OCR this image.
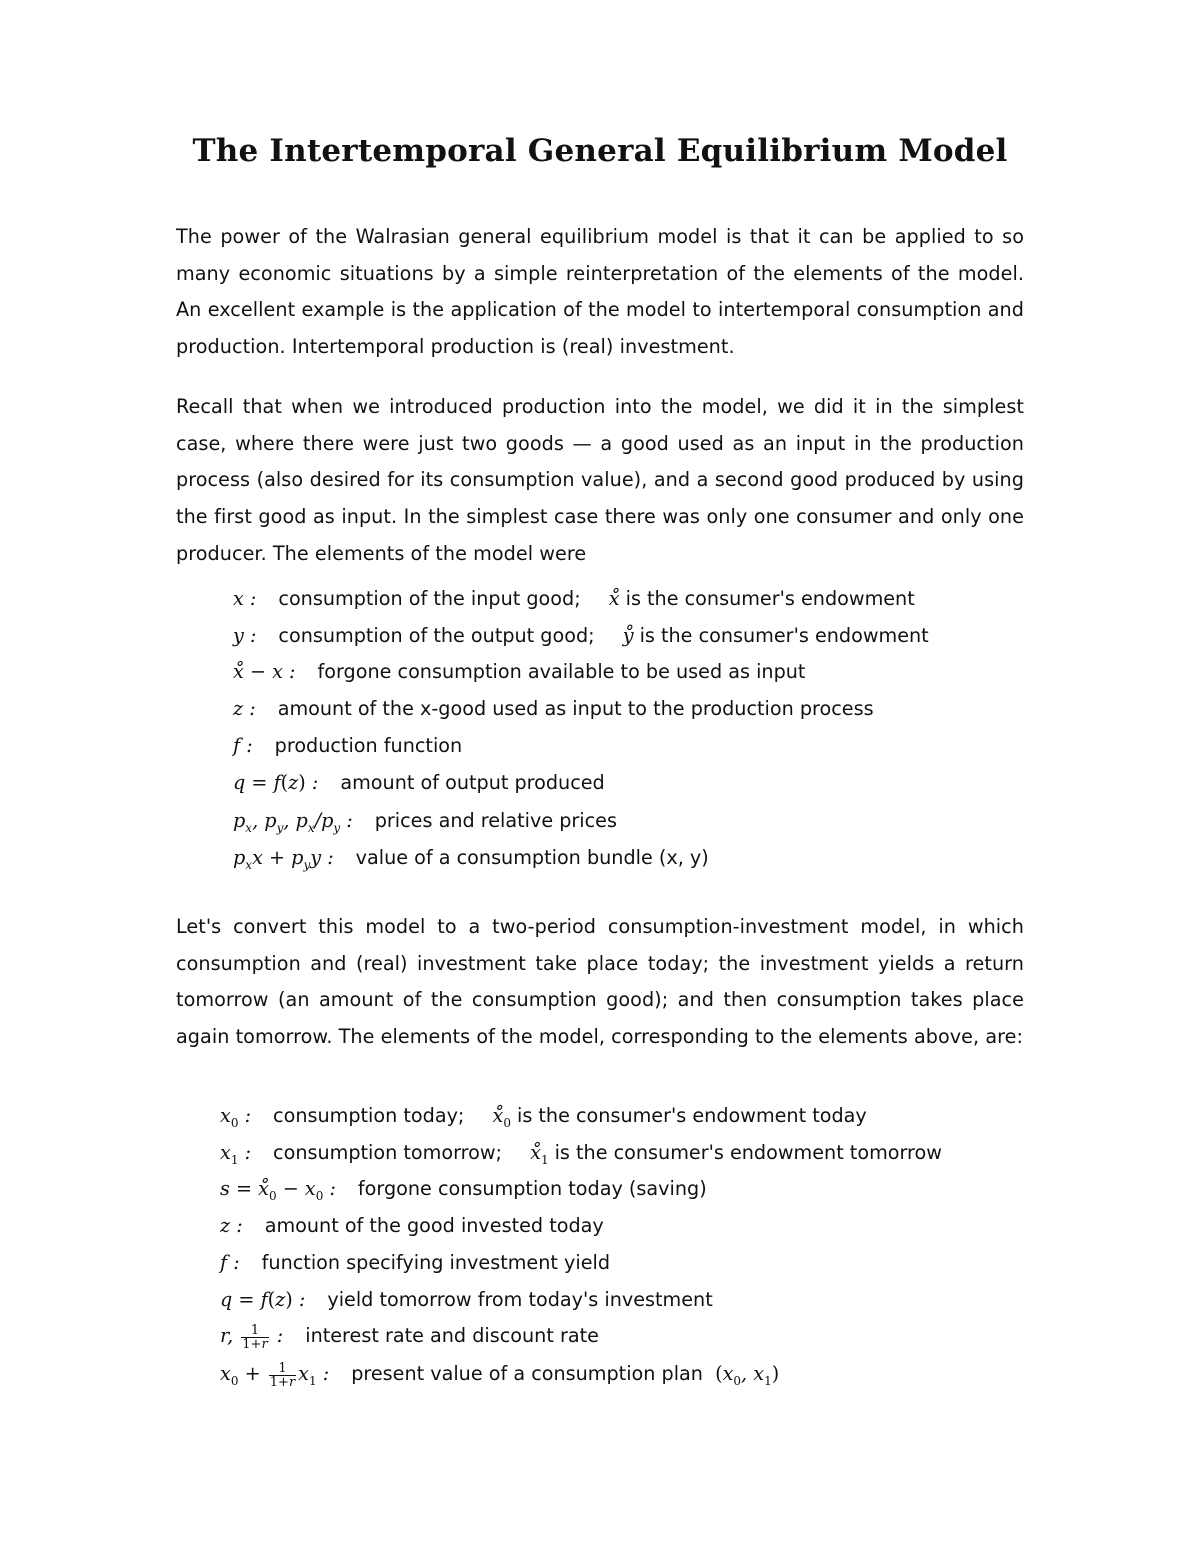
The Intertemporal General Equilibrium Model
The power of the Walrasian general equilibrium model is that it can be applied to so many economic situations by a simple reinterpretation of the elements of the model. An excellent example is the application of the model to intertemporal consumption and production. Intertemporal production is (real) investment.
Recall that when we introduced production into the model, we did it in the simplest case, where there were just two goods — a good used as an input in the production process (also desired for its consumption value), and a second good produced by using the first good as input. In the simplest case there was only one consumer and only one producer. The elements of the model were
x : consumption of the input good; x̊ is the consumer's endowment
y : consumption of the output good; ẙ is the consumer's endowment
x̊ − x : forgone consumption available to be used as input
z : amount of the x-good used as input to the production process
f : production function
q = f(z) : amount of output produced
$p_x$, $p_y$, $p_x/p_y$ : prices and relative prices
$p_xx + p_yy$ : value of a consumption bundle (x, y)
Let's convert this model to a two-period consumption-investment model, in which consumption and (real) investment take place today; the investment yields a return tomorrow (an amount of the consumption good); and then consumption takes place again tomorrow. The elements of the model, corresponding to the elements above, are:
$x_0$ : consumption today; $x̊_0$ is the consumer's endowment today
$x_1$ : consumption tomorrow; $x̊_1$ is the consumer's endowment tomorrow
$s = x̊_0 - x_0$ : forgone consumption today (saving)
z : amount of the good invested today
f : function specifying investment yield
q = f(z) : yield tomorrow from today's investment
r, $\frac{1}{1+r}$ : interest rate and discount rate
$x_0 + \frac{1}{1+r} x_1$ : present value of a consumption plan ($x_0$, $x_1$)
